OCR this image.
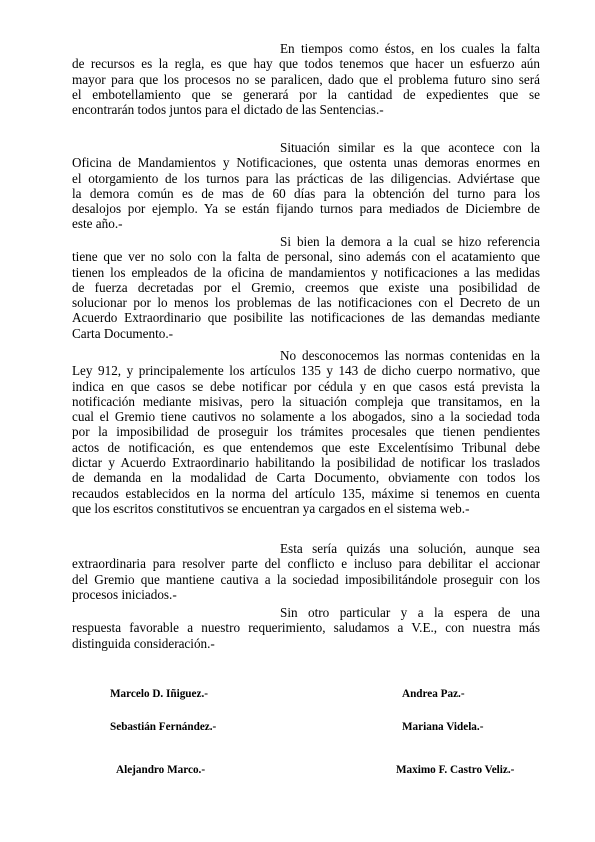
En tiempos como éstos, en los cuales la falta
de recursos es la regla, es que hay que todos tenemos que hacer un esfuerzo aún
mayor para que los procesos no se paralicen, dado que el problema futuro sino será
el embotellamiento que se generará por la cantidad de expedientes que se
encontrarán todos juntos para el dictado de las Sentencias.-

Situación similar es la que acontece con la
Oficina de Mandamientos y Notificaciones, que ostenta unas demoras enormes en
el otorgamiento de los turnos para las prácticas de las diligencias. Adviértase que
la demora común es de mas de 60 días para la obtención del turno para los
desalojos por ejemplo. Ya se están fijando turnos para mediados de Diciembre de
este año.-

Si bien la demora a la cual se hizo referencia
tiene que ver no solo con la falta de personal, sino además con el acatamiento que
tienen los empleados de la oficina de mandamientos y notificaciones a las medidas
de fuerza decretadas por el Gremio, creemos que existe una posibilidad de
solucionar por lo menos los problemas de las notificaciones con el Decreto de un
Acuerdo Extraordinario que posibilite las notificaciones de las demandas mediante
Carta Documento.-

No desconocemos las normas contenidas en la
Ley 912, y principalemente los artículos 135 y 143 de dicho cuerpo normativo, que
indica en que casos se debe notificar por cédula y en que casos está prevista la
notificación mediante misivas, pero la situación compleja que transitamos, en la
cual el Gremio tiene cautivos no solamente a los abogados, sino a la sociedad toda
por la imposibilidad de proseguir los trámites procesales que tienen pendientes
actos de notificación, es que entendemos que este Excelentísimo Tribunal debe
dictar y Acuerdo Extraordinario habilitando la posibilidad de notificar los traslados
de demanda en la modalidad de Carta Documento, obviamente con todos los
recaudos establecidos en la norma del artículo 135, máxime si tenemos en cuenta
que los escritos constitutivos se encuentran ya cargados en el sistema web.-

Esta sería quizás una solución, aunque sea
extraordinaria para resolver parte del conflicto e incluso para debilitar el accionar
del Gremio que mantiene cautiva a la sociedad imposibilitándole proseguir con los
procesos iniciados.-

Sin otro particular y a la espera de una
respuesta favorable a nuestro requerimiento, saludamos a V.E., con nuestra más
distinguida consideración.-

Marcelo D. Iñiguez.-	Andrea Paz.-
Sebastián Fernández.-	Mariana Videla.-
Alejandro Marco.-	Maximo F. Castro Veliz.-
